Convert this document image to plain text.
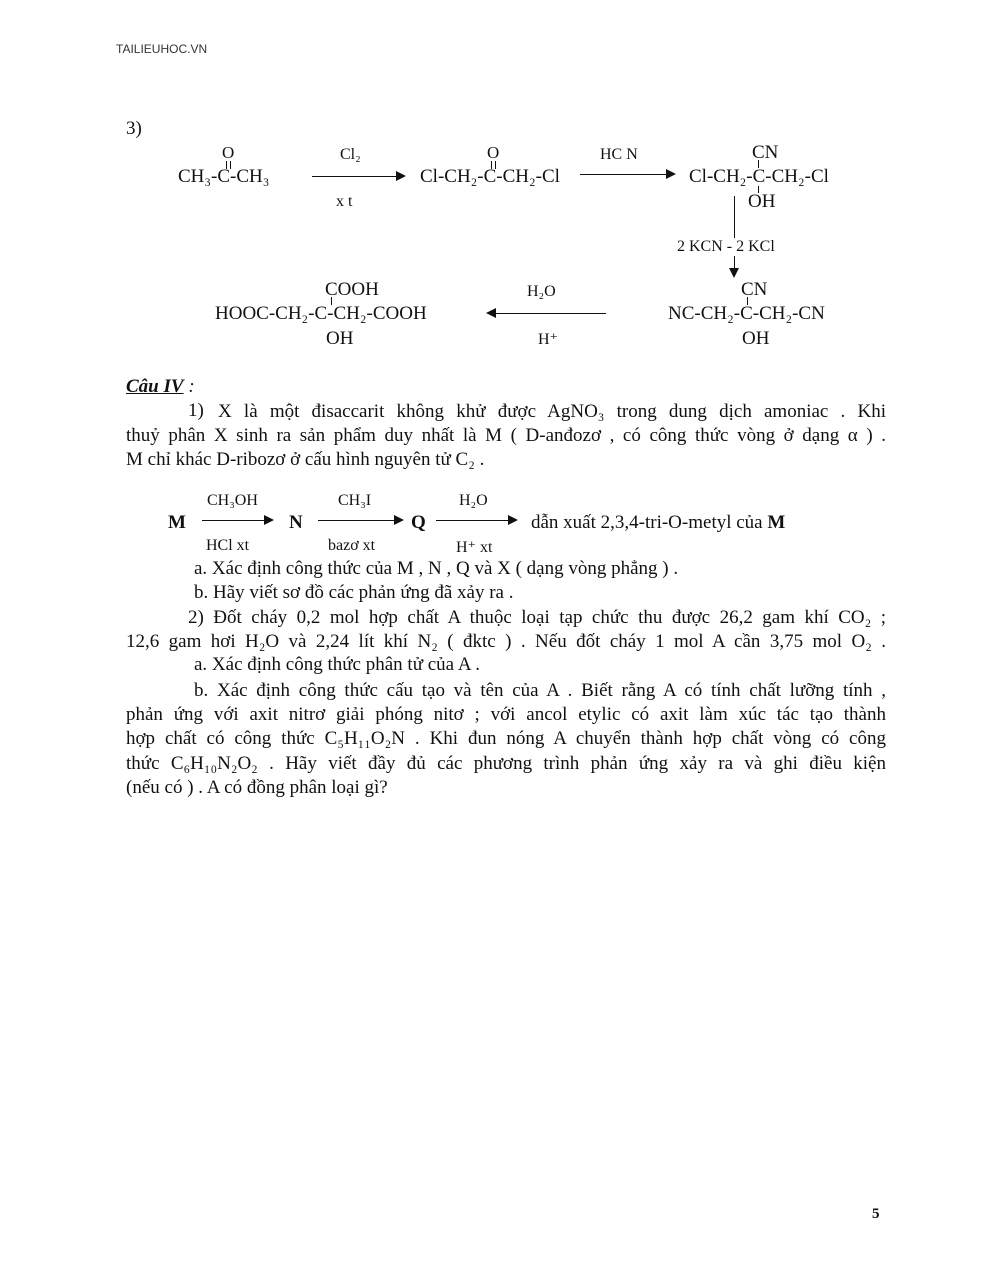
TAILIEUHOC.VN
3)
O
CH₃-C-CH₃
Cl₂
x t
O
Cl-CH₂-C-CH₂-Cl
HC N	CN
Cl-CH₂-C-CH₂-Cl
OH
2 KCN - 2 KCl
CN
NC-CH₂-C-CH₂-CN
OH
H₂O
H⁺
COOH
HOOC-CH₂-C-CH₂-COOH
OH
Câu IV :
1) X là một đisaccarit không khử được AgNO₃ trong dung dịch amoniac . Khi
thuỷ phân X sinh ra sản phẩm duy nhất là M ( D-anđozơ , có công thức vòng ở dạng α ) .
M chỉ khác D-ribozơ ở cấu hình nguyên tử C₂ .
M
CH₃OH
HCl xt
N
CH₃I
bazơ xt
Q
H₂O
H⁺ xt
dẫn xuất 2,3,4-tri-O-metyl của M
a. Xác định công thức của M , N , Q và X ( dạng vòng phẳng ) .
b. Hãy viết sơ đồ các phản ứng đã xảy ra .
2) Đốt cháy 0,2 mol hợp chất A thuộc loại tạp chức thu được 26,2 gam khí CO₂ ;
12,6 gam hơi H₂O và 2,24 lít khí N₂ ( đktc ) . Nếu đốt cháy 1 mol A cần 3,75 mol O₂ .
a. Xác định công thức phân tử của A .
b. Xác định công thức cấu tạo và tên của A . Biết rằng A có tính chất lưỡng tính ,
phản ứng với axit nitrơ giải phóng nitơ ; với ancol etylic có axit làm xúc tác tạo thành
hợp chất có công thức C₅H₁₁O₂N . Khi đun nóng A chuyển thành hợp chất vòng có công
thức C₆H₁₀N₂O₂ . Hãy viết đầy đủ các phương trình phản ứng xảy ra và ghi điều kiện
(nếu có ) . A có đồng phân loại gì?
5
